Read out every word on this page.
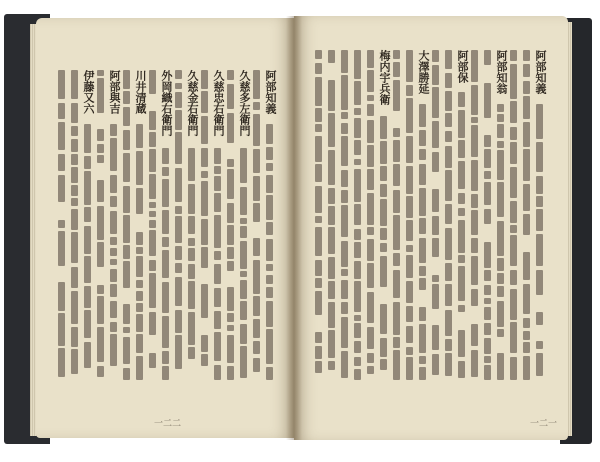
阿部知義
久慈多左衛門
久慈忠右衛門
久慈金右衛門
外岡織右衛門
川井清蔵
阿部與吉
伊藤又六
一二二
阿部知義
阿部知翁
阿部保
大澤勝延
梅内宇兵衛
一二一
